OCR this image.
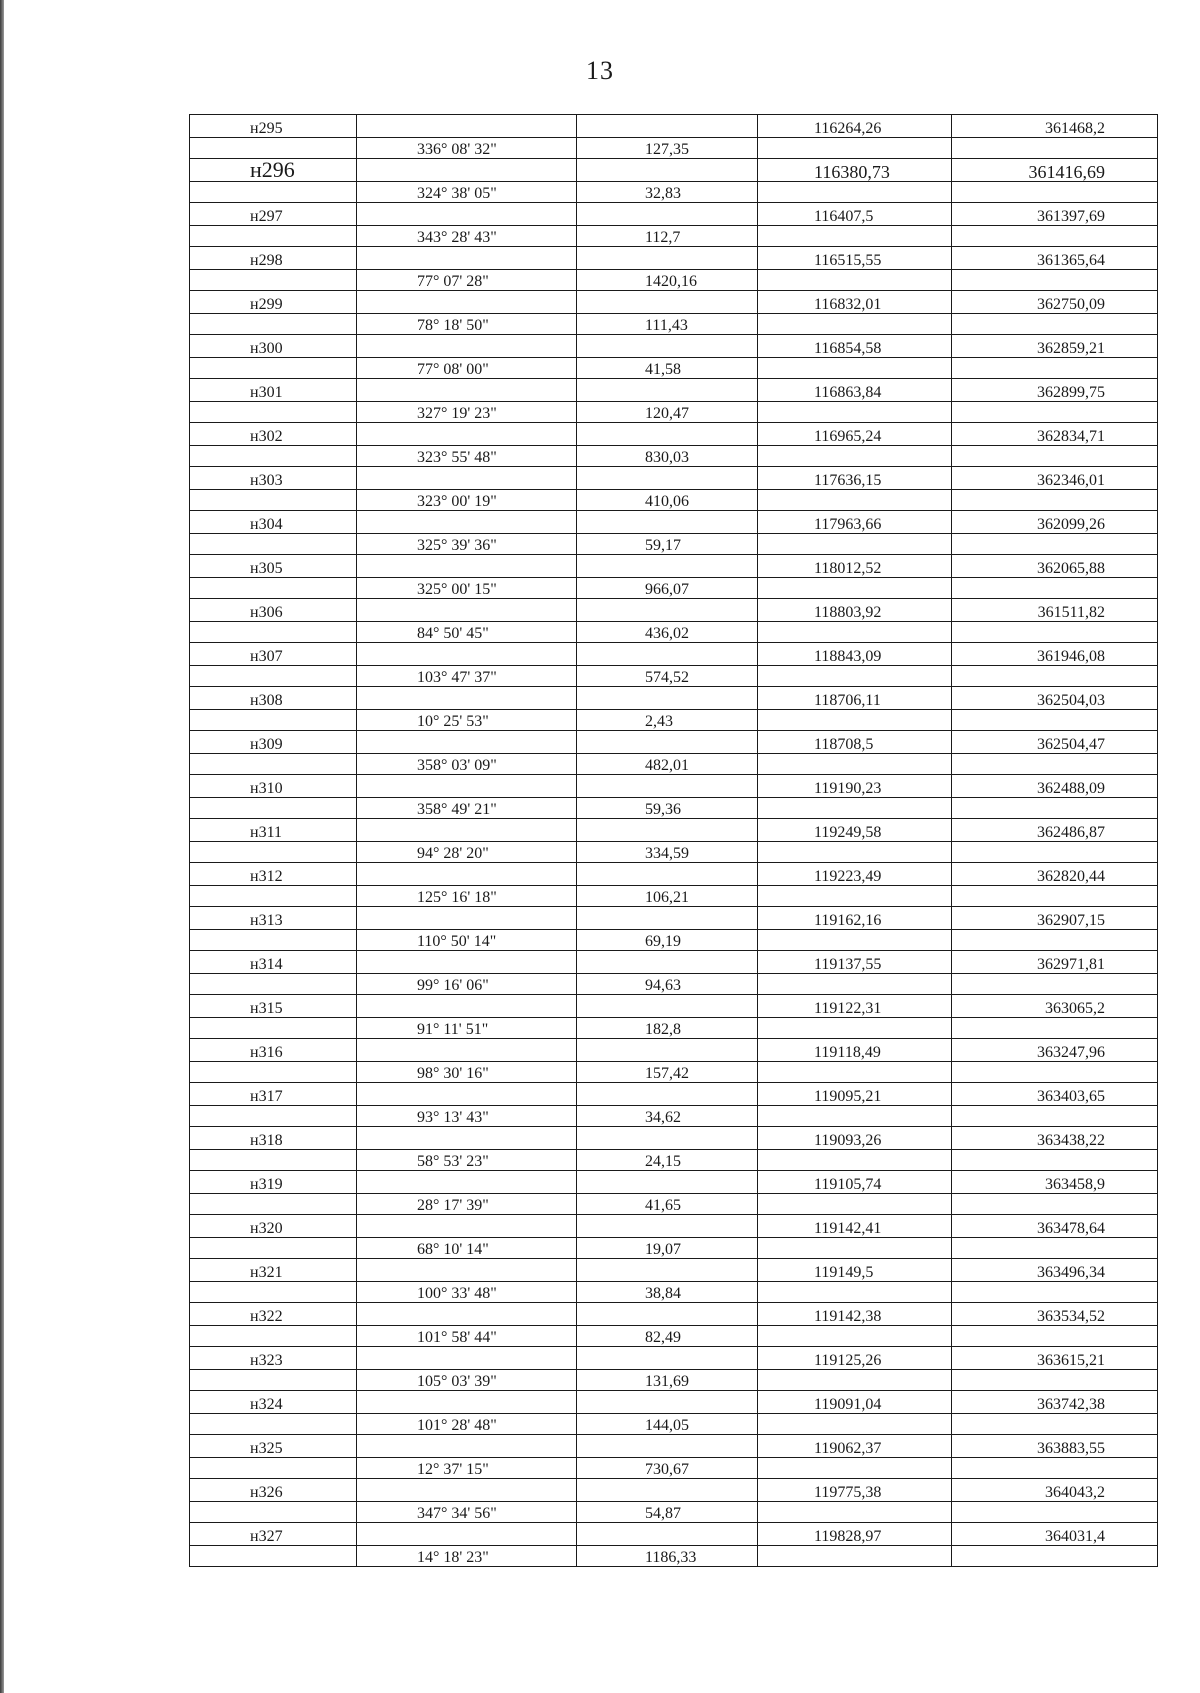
13
н295			116264,26	361468,2
	336° 08' 32"	127,35		
н296			116380,73	361416,69
	324° 38' 05"	32,83		
н297			116407,5	361397,69
	343° 28' 43"	112,7		
н298			116515,55	361365,64
	77° 07' 28"	1420,16		
н299			116832,01	362750,09
	78° 18' 50"	111,43		
н300			116854,58	362859,21
	77° 08' 00"	41,58		
н301			116863,84	362899,75
	327° 19' 23"	120,47		
н302			116965,24	362834,71
	323° 55' 48"	830,03		
н303			117636,15	362346,01
	323° 00' 19"	410,06		
н304			117963,66	362099,26
	325° 39' 36"	59,17		
н305			118012,52	362065,88
	325° 00' 15"	966,07		
н306			118803,92	361511,82
	84° 50' 45"	436,02		
н307			118843,09	361946,08
	103° 47' 37"	574,52		
н308			118706,11	362504,03
	10° 25' 53"	2,43		
н309			118708,5	362504,47
	358° 03' 09"	482,01		
н310			119190,23	362488,09
	358° 49' 21"	59,36		
н311			119249,58	362486,87
	94° 28' 20"	334,59		
н312			119223,49	362820,44
	125° 16' 18"	106,21		
н313			119162,16	362907,15
	110° 50' 14"	69,19		
н314			119137,55	362971,81
	99° 16' 06"	94,63		
н315			119122,31	363065,2
	91° 11' 51"	182,8		
н316			119118,49	363247,96
	98° 30' 16"	157,42		
н317			119095,21	363403,65
	93° 13' 43"	34,62		
н318			119093,26	363438,22
	58° 53' 23"	24,15		
н319			119105,74	363458,9
	28° 17' 39"	41,65		
н320			119142,41	363478,64
	68° 10' 14"	19,07		
н321			119149,5	363496,34
	100° 33' 48"	38,84		
н322			119142,38	363534,52
	101° 58' 44"	82,49		
н323			119125,26	363615,21
	105° 03' 39"	131,69		
н324			119091,04	363742,38
	101° 28' 48"	144,05		
н325			119062,37	363883,55
	12° 37' 15"	730,67		
н326			119775,38	364043,2
	347° 34' 56"	54,87		
н327			119828,97	364031,4
	14° 18' 23"	1186,33		
